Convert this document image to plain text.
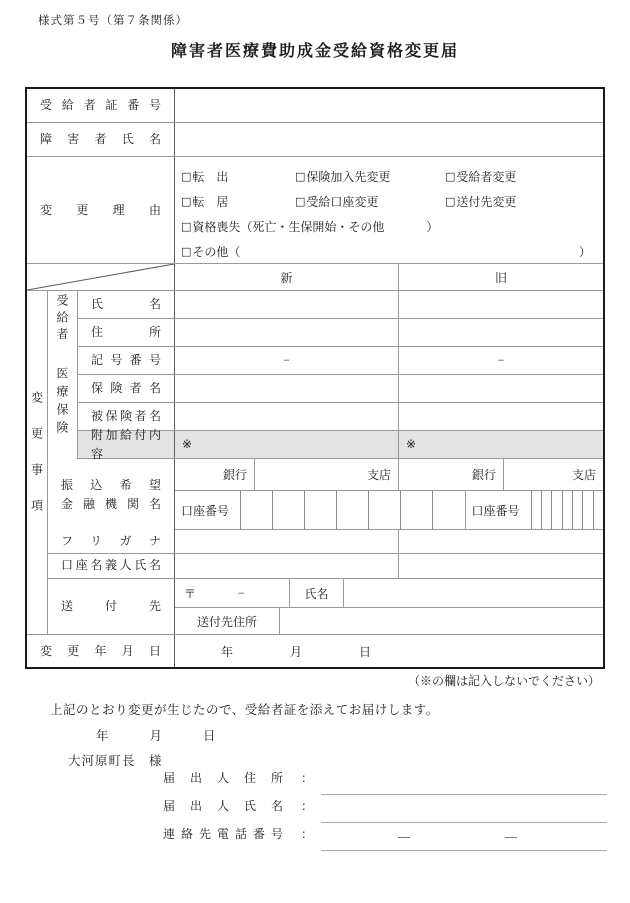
様式第５号（第７条関係）
障害者医療費助成金受給資格変更届
受給者証番号
障害者氏名
変更理由
□ 転　出	□ 保険加入先変更	□ 受給者変更
□ 転　居	□ 受給口座変更	□ 送付先変更
□ 資格喪失（死亡・生保開始・その他	）
□ その他（	）
新	旧
変更事項
受給者 氏名
住所
医療保険
記号番号	−	−
保険者名
被保険者名
附加給付内容
※	※
振込希望
金融機関名
銀行	支店	銀行	支店
口座番号	口座番号
フリガナ
口座名義人氏名
送付先
〒	−	氏名
送付先住所
変更年月日	年	月	日
（※の欄は記入しないでください）
上記のとおり変更が生じたので、受給者証を添えてお届けします。
年	月	日
大河原町長　様
届出人住所 ：
届出人氏名 ：
連絡先電話番号 ：	—	—
